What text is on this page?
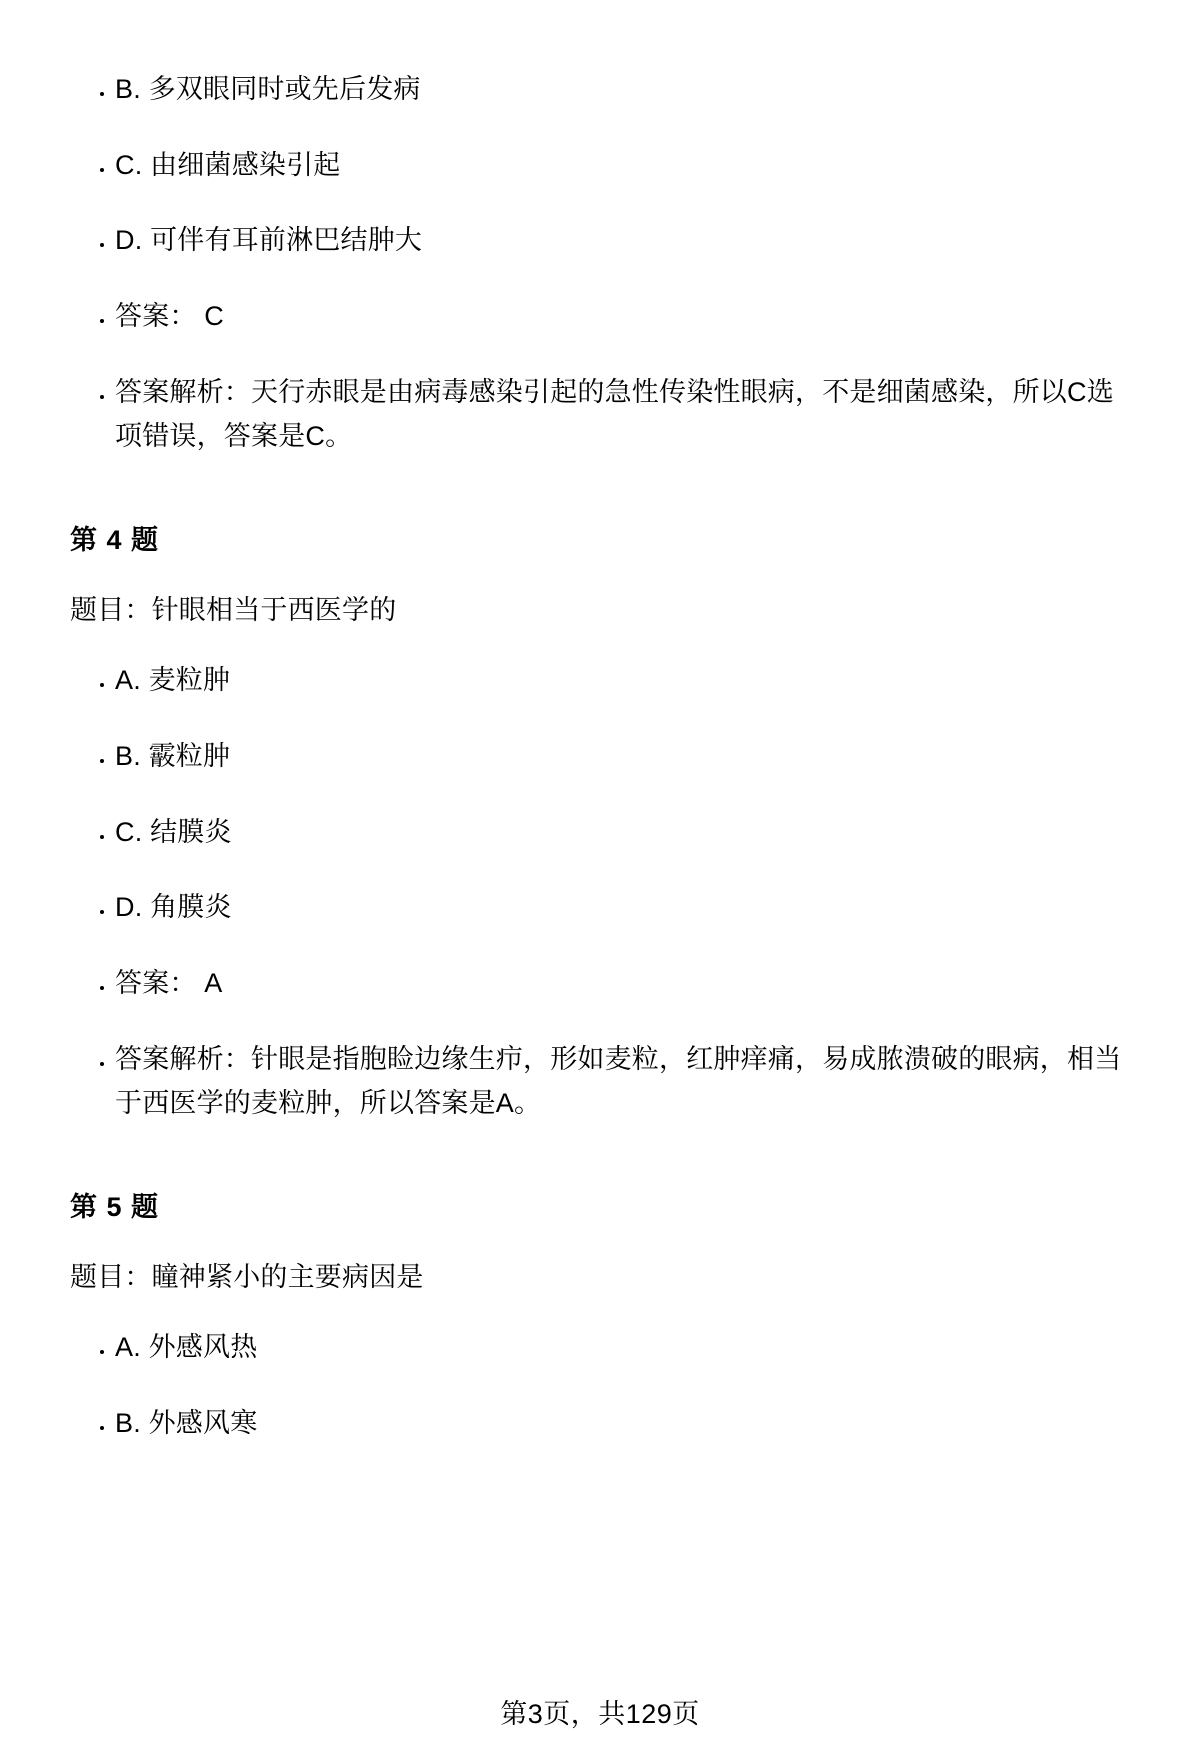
• B. 多双眼同时或先后发病
• C. 由细菌感染引起
• D. 可伴有耳前淋巴结肿大
• 答案： C
• 答案解析：天行赤眼是由病毒感染引起的急性传染性眼病，不是细菌感染，所以C选项错误，答案是C。
第 4 题
题目：针眼相当于西医学的
• A. 麦粒肿
• B. 霰粒肿
• C. 结膜炎
• D. 角膜炎
• 答案： A
• 答案解析：针眼是指胞睑边缘生疖，形如麦粒，红肿痒痛，易成脓溃破的眼病，相当于西医学的麦粒肿，所以答案是A。
第 5 题
题目：瞳神紧小的主要病因是
• A. 外感风热
• B. 外感风寒
第3页，共129页
